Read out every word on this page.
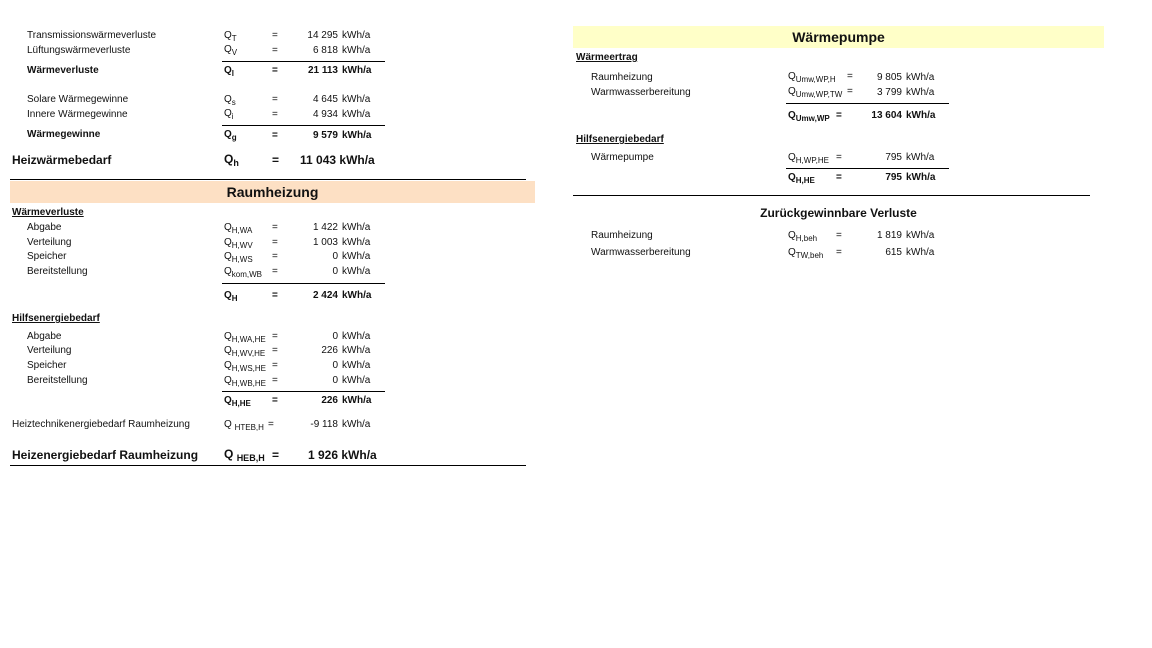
Transmissionswärmeverluste	$Q_T$	=	14 295 kWh/a
Lüftungswärmeverluste	$Q_V$	=	6 818 kWh/a
Wärmeverluste	$Q_l$	=	21 113 kWh/a
Solare Wärmegewinne	$Q_s$	=	4 645 kWh/a
Innere Wärmegewinne	$Q_i$	=	4 934 kWh/a
Wärmegewinne	$Q_g$	=	9 579 kWh/a
Heizwärmebedarf	$Q_h$	= 11 043 kWh/a
Raumheizung
Wärmeverluste
Abgabe	$Q_{H,WA}$ =	1 422 kWh/a
Verteilung	$Q_{H,WV}$ =	1 003 kWh/a
Speicher	$Q_{H,WS}$ =	0 kWh/a
Bereitstellung	$Q_{kom,WB}$ =	0 kWh/a
$Q_H$	=	2 424 kWh/a
Hilfsenergiebedarf
Abgabe	$Q_{H,WA,HE}$ =	0 kWh/a
Verteilung	$Q_{H,WV,HE}$ =	226 kWh/a
Speicher	$Q_{H,WS,HE}$ =	0 kWh/a
Bereitstellung	$Q_{H,WB,HE}$ =	0 kWh/a
$Q_{H,HE}$ =	226 kWh/a
Heiztechnikenergiebedarf Raumheizung	Q $_{HTEB,H}$ =	-9 118 kWh/a
Heizenergiebedarf Raumheizung Q $_{HEB,H}$ = 1 926 kWh/a
Wärmepumpe
Wärmeertrag
Raumheizung	$Q_{Umw,WP,H}$ =	9 805 kWh/a
Warmwasserbereitung	$Q_{Umw,WP,TW}$ =	3 799 kWh/a
$Q_{Umw,WP}$ =	13 604 kWh/a
Hilfsenergiebedarf
Wärmepumpe	$Q_{H,WP,HE}$ =	795 kWh/a
$Q_{H,HE}$ =	795 kWh/a
Zurückgewinnbare Verluste
Raumheizung	$Q_{H,beh}$ =	1 819 kWh/a
Warmwasserbereitung	$Q_{TW,beh}$ =	615 kWh/a
